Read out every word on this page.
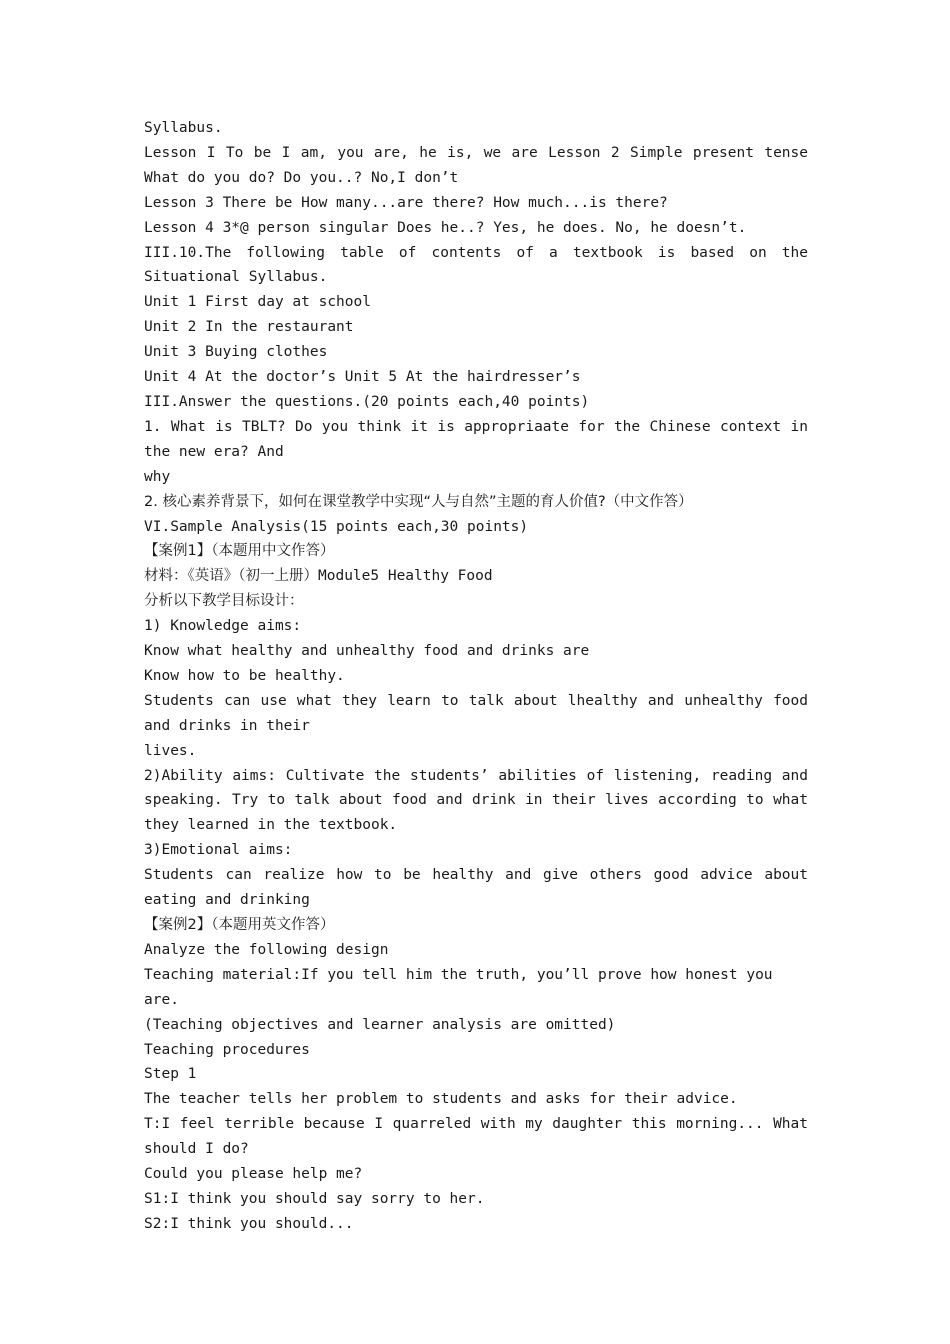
Syllabus.
Lesson I To be I am, you are, he is, we are Lesson 2 Simple present tense What do you do? Do you..? No,I don’t
Lesson 3 There be How many...are there? How much...is there?
Lesson 4 3*@ person singular Does he..? Yes, he does. No, he doesn’t.
III.10.The following table of contents of a textbook is based on the Situational Syllabus.
Unit 1 First day at school
Unit 2 In the restaurant
Unit 3 Buying clothes
Unit 4 At the doctor’s Unit 5 At the hairdresser’s
III.Answer the questions.(20 points each,40 points)
1. What is TBLT? Do you think it is appropriaate for the Chinese context in the new era? And
why
2. 核心素养背景下，如何在课堂教学中实现“人与自然”主题的育人价值?（中文作答）
VI.Sample Analysis(15 points each,30 points)
【案例1】（本题用中文作答）
材料：《英语》（初一上册）Module5 Healthy Food
分析以下教学目标设计：
1) Knowledge aims:
Know what healthy and unhealthy food and drinks are
Know how to be healthy.
Students can use what they learn to talk about lhealthy and unhealthy food and drinks in their
lives.
2)Ability aims: Cultivate the students’ abilities of listening, reading and speaking. Try to talk about food and drink in their lives according to what they learned in the textbook.
3)Emotional aims:
Students can realize how to be healthy and give others good advice about eating and drinking
【案例2】（本题用英文作答）
Analyze the following design
Teaching material:If you tell him the truth, you’ll prove how honest you are.
(Teaching objectives and learner analysis are omitted)
Teaching procedures
Step 1
The teacher tells her problem to students and asks for their advice.
T:I feel terrible because I quarreled with my daughter this morning... What should I do?
Could you please help me?
S1:I think you should say sorry to her.
S2:I think you should...
